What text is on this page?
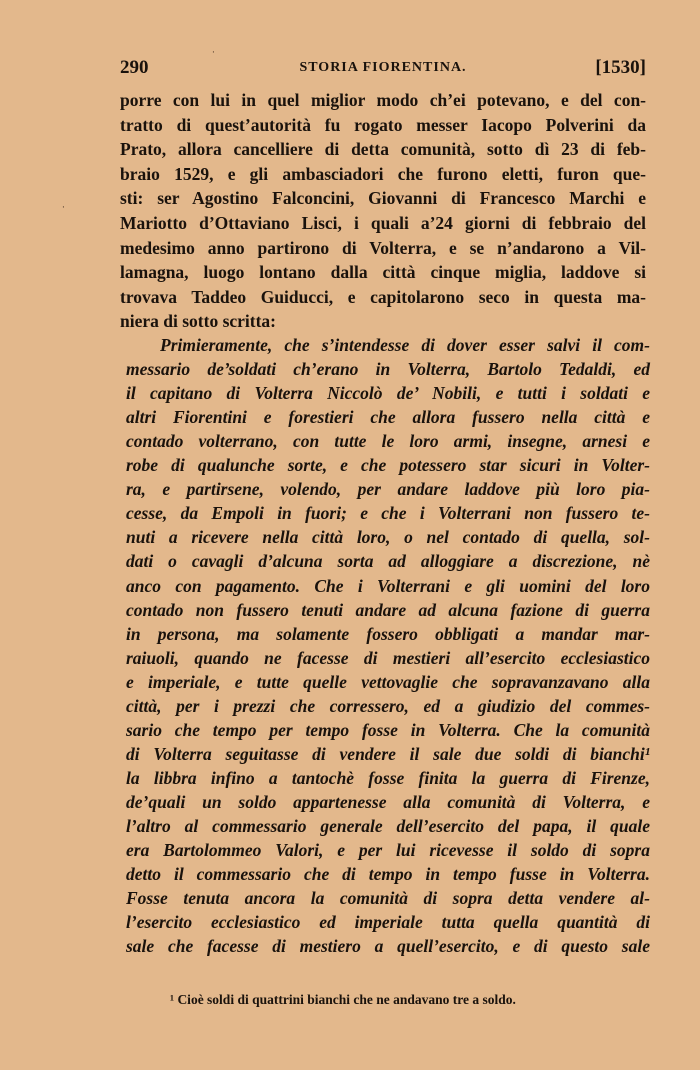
290	STORIA FIORENTINA.	[1530]
porre con lui in quel miglior modo ch’ei potevano, e del con-
tratto di quest’autorità fu rogato messer Iacopo Polverini da
Prato, allora cancelliere di detta comunità, sotto dì 23 di feb-
braio 1529, e gli ambasciadori che furono eletti, furon que-
sti: ser Agostino Falconcini, Giovanni di Francesco Marchi e
Mariotto d’Ottaviano Lisci, i quali a’24 giorni di febbraio del
medesimo anno partirono di Volterra, e se n’andarono a Vil-
lamagna, luogo lontano dalla città cinque miglia, laddove si
trovava Taddeo Guiducci, e capitolarono seco in questa ma-
niera di sotto scritta:
Primieramente, che s’intendesse di dover esser salvi il com-
messario de’soldati ch’erano in Volterra, Bartolo Tedaldi, ed
il capitano di Volterra Niccolò de’ Nobili, e tutti i soldati e
altri Fiorentini e forestieri che allora fussero nella città e
contado volterrano, con tutte le loro armi, insegne, arnesi e
robe di qualunche sorte, e che potessero star sicuri in Volter-
ra, e partirsene, volendo, per andare laddove più loro pia-
cesse, da Empoli in fuori; e che i Volterrani non fussero te-
nuti a ricevere nella città loro, o nel contado di quella, sol-
dati o cavagli d’alcuna sorta ad alloggiare a discrezione, nè
anco con pagamento. Che i Volterrani e gli uomini del loro
contado non fussero tenuti andare ad alcuna fazione di guerra
in persona, ma solamente fossero obbligati a mandar mar-
raiuoli, quando ne facesse di mestieri all’esercito ecclesiastico
e imperiale, e tutte quelle vettovaglie che sopravanzavano alla
città, per i prezzi che corressero, ed a giudizio del commes-
sario che tempo per tempo fosse in Volterra. Che la comunità
di Volterra seguitasse di vendere il sale due soldi di bianchi¹
la libbra infino a tantochè fosse finita la guerra di Firenze,
de’quali un soldo appartenesse alla comunità di Volterra, e
l’altro al commessario generale dell’esercito del papa, il quale
era Bartolommeo Valori, e per lui ricevesse il soldo di sopra
detto il commessario che di tempo in tempo fusse in Volterra.
Fosse tenuta ancora la comunità di sopra detta vendere al-
l’esercito ecclesiastico ed imperiale tutta quella quantità di
sale che facesse di mestiero a quell’esercito, e di questo sale
¹ Cioè soldi di quattrini bianchi che ne andavano tre a soldo.
·
·
